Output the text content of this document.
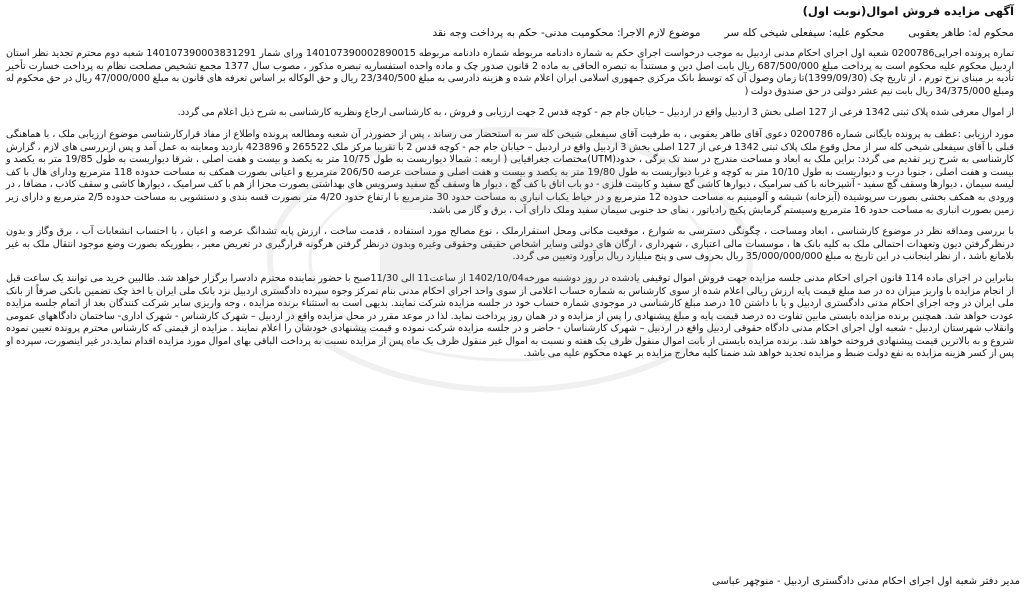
آگهی مزایده فروش اموال(نوبت اول)
محکوم له: طاهر یعقوبی
محکوم علیه: سیفعلی شیخی کله سر
موضوع لازم الاجرا: محکومیت مدنی- حکم به پرداخت وجه نقد

تماره پرونده اجرایی0200786 شعبه اول اجرای احکام مدنی اردبیل به موجب درخواست اجرای حکم به شماره دادنامه مربوطه شماره دادنامه مربوطه 140107390002890015 ورای شمار 140107390003831291 شعبه دوم محترم تجدید نظر استان اردبیل محکوم علیه محکوم است به پرداخت مبلغ 687/500/000 ریال بابت اصل دین و مستنداً به تبصره الحاقی به ماده 2 قانون صدور چک و ماده واحده استفساریه تبصره مذکور ، مصوب سال 1377 مجمع تشخیص مصلحت نظام به پرداخت خسارت تأخیر تأدیه بر مبنای نرخ تورم ، از تاریخ چک (1399/09/30)تا زمان وصول آن که توسط بانک مرکزی جمهوری اسلامی ایران اعلام شده و هزینه دادرسی به مبلغ 23/340/500 ریال و حق الوکاله بر اساس تعرفه های قانون به مبلغ 47/000/000 ریال در حق محکوم له ومبلغ 34/375/000 ریال بابت نیم عشر دولتی در حق صندوق دولت (

از اموال معرفی شده پلاک ثبتی 1342 فرعی از 127 اصلی بخش 3 اردبیل واقع در اردبیل – خیابان جام جم - کوچه قدس 2 جهت ارزیابی و فروش ، به کارشناسی ارجاع ونظریه کارشناسی به شرح ذیل اعلام می گردد.

مورد ارزیابی :عطف به پرونده بایگانی شماره 0200786 دعوی آقای طاهر یعقوبی ، به طرفیت آقای سیفعلی شیخی کله سر به استحضار می رساند ، پس از حضوردر آن شعبه ومطالعه پرونده واطلاع از مفاد قرارکارشناسی موضوع ارزیابی ملک ، با هماهنگی قبلی با آقای سیفعلی شیخی کله سر از محل وقوع ملک پلاک ثبتی 1342 فرعی از 127 اصلی بخش 3 اردبیل واقع در اردبیل – خیابان جام جم - کوچه قدس 2 با تقریبا مرکز ملک 265522 و 423896 بازدید ومعاینه به عمل آمد و پس ازبررسی های لازم ، گزارش کارشناسی به شرح زیر تقدیم می گردد: براین ملک به ابعاد و مساحت مندرج در سند تک برگی ، حدود(UTM)مختصات جغرافیایی ( اربعه : شمالا دیواریست به طول 10/75 متر به یکصد و بیست و هفت اصلی ، شرقا دیواریست به طول 19/85 متر به یکصد و بیست و هفت اصلی ، جنوبا درب و دیواریست به طول 10/10 متر به کوچه و غربا دیواریست به طول 19/80 متر به یکصد و بیست و هفت اصلی و مساحت عرصه 206/50 مترمربع و اعیانی بصورت همکف به مساحت حدوده 118 مترمربع ودارای هال با کف لیسه سیمان ، دیوارها وسقف گچ سفید - آشپزخانه با کف سرامیک ، دیوارها کاشی گچ سفید و کابینت فلزی - دو باب اتاق با کف گچ ، دیوار ها وسقف گچ سفید وسرویس های بهداشتی بصورت مجزا از هم با کف سرامیک ، دیوارها کاشی و سقف کاذب ، مضافا ، در ورودی به همکف بخشی بصورت سرپوشیده (آیزخانه) شیشه و آلومینیم به مساحت حدوده 12 مترمربع و در حیاط یکباب انباری به مساحت حدود 30 مترمربع با ارتفاع حدود 4/20 متر بصورت قسه بندی و دستشویی به مساحت حدوده 2/5 مترمربع و دارای زیر زمین بصورت انباری به مساحت حدود 16 مترمربع وسیستم گرمایش پکیج رادیاتور ، نمای حد جنوبی سیمان سفید وملک دارای آب ، برق و گاز می باشد.

با بررسی ومداقه نظر در موضوع کارشناسی ، ابعاد ومساحت ، چگونگی دسترسی به شوارع ، موقعیت مکانی ومحل استقرارملک ، نوع مصالح مورد استفاده ، قدمت ساخت ، ارزش پایه تشدانگ عرصه و اعیان ، با احتساب انشعابات آب ، برق وگاز و بدون درنظرگرفتن دیون وتعهدات احتمالی ملک به کلیه بانک ها ، موسسات مالی اعتباری ، شهرداری ، ارگان های دولتی وسایر اشخاص حقیقی وحقوقی وغیره وبدون درنظر گرفتن هرگونه قرارگیری در تعریض معبر ، بطوریکه بصورت وضع موجود انتقال ملک به غیر بلامانع باشد ، از نظر اینجانب در این تاریخ به مبلغ 35/000/000/000 ریال بحروف سی و پنج میلیارد ریال برآورد وتعیین می گردد.

بنابراین در اجرای ماده 114 قانون اجرای احکام مدنی جلسه مزایده جهت فروش اموال توقیفی یادشده در روز دوشنبه مورخه1402/10/04 از ساعت11 الی 11/30صبح با حضور نماینده محترم دادسرا برگزار خواهد شد. طالبین خرید می توانند یک ساعت قبل از انجام مزایده با واریز میزان ده در صد مبلغ قیمت پایه ارزش ریالی اعلام شده از سوی کارشناس به شماره حساب اعلامی از سوی واحد اجرای احکام مدنی بنام تمرکز وجوه سپرده دادگستری اردبیل نزد بانک ملی ایران یا اخذ چک تضمین بانکی صرفاً از بانک ملی ایران در وجه اجرای احکام مدنی دادگستری اردبیل و یا با داشتن 10 درصد مبلغ کارشناسی در موجودی شماره حساب خود در جلسه مزایده شرکت نمایند. بدیهی است به استثناء برنده مزایده ، وجه واریزی سایر شرکت کنندگان بعد از اتمام جلسه مزایده عودت خواهد شد. همچنین برنده مزایده بایستی مابین تفاوت ده درصد قیمت پایه و مبلغ پیشنهادی را پس از مزایده و در همان روز پرداخت نماید. لذا در موعد مقرر در محل مزایده واقع در اردبیل – شهرک کارشناس - شهرک اداری- ساختمان دادگاههای عمومی وانقلاب شهرستان اردبیل - شعبه اول اجرای احکام مدنی دادگاه حقوقی اردبیل واقع در اردبیل – شهرک کارشناسان - حاضر و در جلسه مزایده شرکت نموده و قیمت پیشنهادی خودشان را اعلام نمایند . مزایده از قیمتی که کارشناس محترم پرونده تعیین نموده شروع و به بالاترین قیمت پیشنهادی فروخته خواهد شد. برنده مزایده بایستی از بابت اموال منقول ظرف یک هفته و نسبت به اموال غیر منقول ظرف یک ماه پس از مزایده نسبت به پرداخت الباقی بهای اموال مورد مزایده اقدام نماید.در غیر اینصورت، سپرده او پس از کسر هزینه مزایده به نفع دولت ضبط و مزایده تجدید خواهد شد ضمنا کلیه مخارج مزایده بر عهده محکوم علیه می باشد.

مدیر دفتر شعبه اول اجرای احکام مدنی دادگستری اردبیل - منوچهر عباسی
